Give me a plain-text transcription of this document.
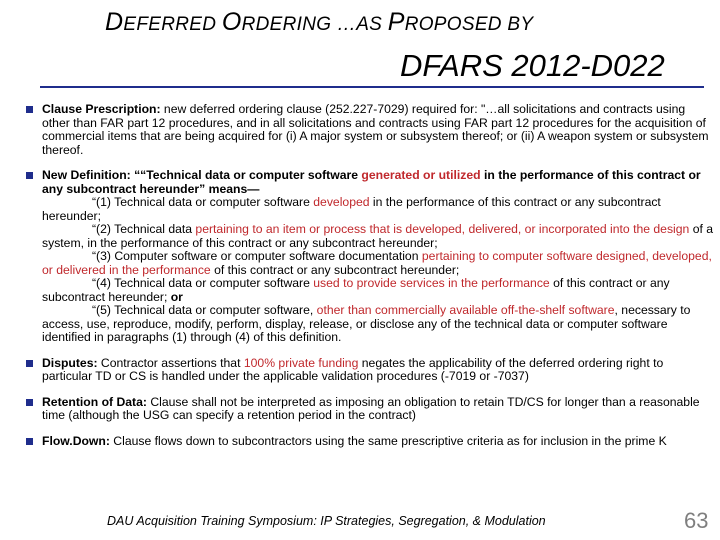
DEFERRED ORDERING …AS PROPOSED BY
DFARS 2012-D022
Clause Prescription: new deferred ordering clause (252.227-7029) required for: "…all solicitations and contracts using other than FAR part 12 procedures, and in all solicitations and contracts using FAR part 12 procedures for the acquisition of commercial items that are being acquired for (i) A major system or subsystem thereof; or (ii) A weapon system or subsystem thereof.
New Definition: ““Technical data or computer software generated or utilized in the performance of this contract or any subcontract hereunder” means—
“(1) Technical data or computer software developed in the performance of this contract or any subcontract hereunder;
“(2) Technical data pertaining to an item or process that is developed, delivered, or incorporated into the design of a system, in the performance of this contract or any subcontract hereunder;
“(3) Computer software or computer software documentation pertaining to computer software designed, developed, or delivered in the performance of this contract or any subcontract hereunder;
“(4) Technical data or computer software used to provide services in the performance of this contract or any subcontract hereunder; or
“(5) Technical data or computer software, other than commercially available off-the-shelf software, necessary to access, use, reproduce, modify, perform, display, release, or disclose any of the technical data or computer software identified in paragraphs (1) through (4) of this definition.
Disputes: Contractor assertions that 100% private funding negates the applicability of the deferred ordering right to particular TD or CS is handled under the applicable validation procedures (-7019 or -7037)
Retention of Data: Clause shall not be interpreted as imposing an obligation to retain TD/CS for longer than a reasonable time (although the USG can specify a retention period in the contract)
Flow.Down: Clause flows down to subcontractors using the same prescriptive criteria as for inclusion in the prime K
DAU Acquisition Training Symposium: IP Strategies, Segregation, & Modulation	63
